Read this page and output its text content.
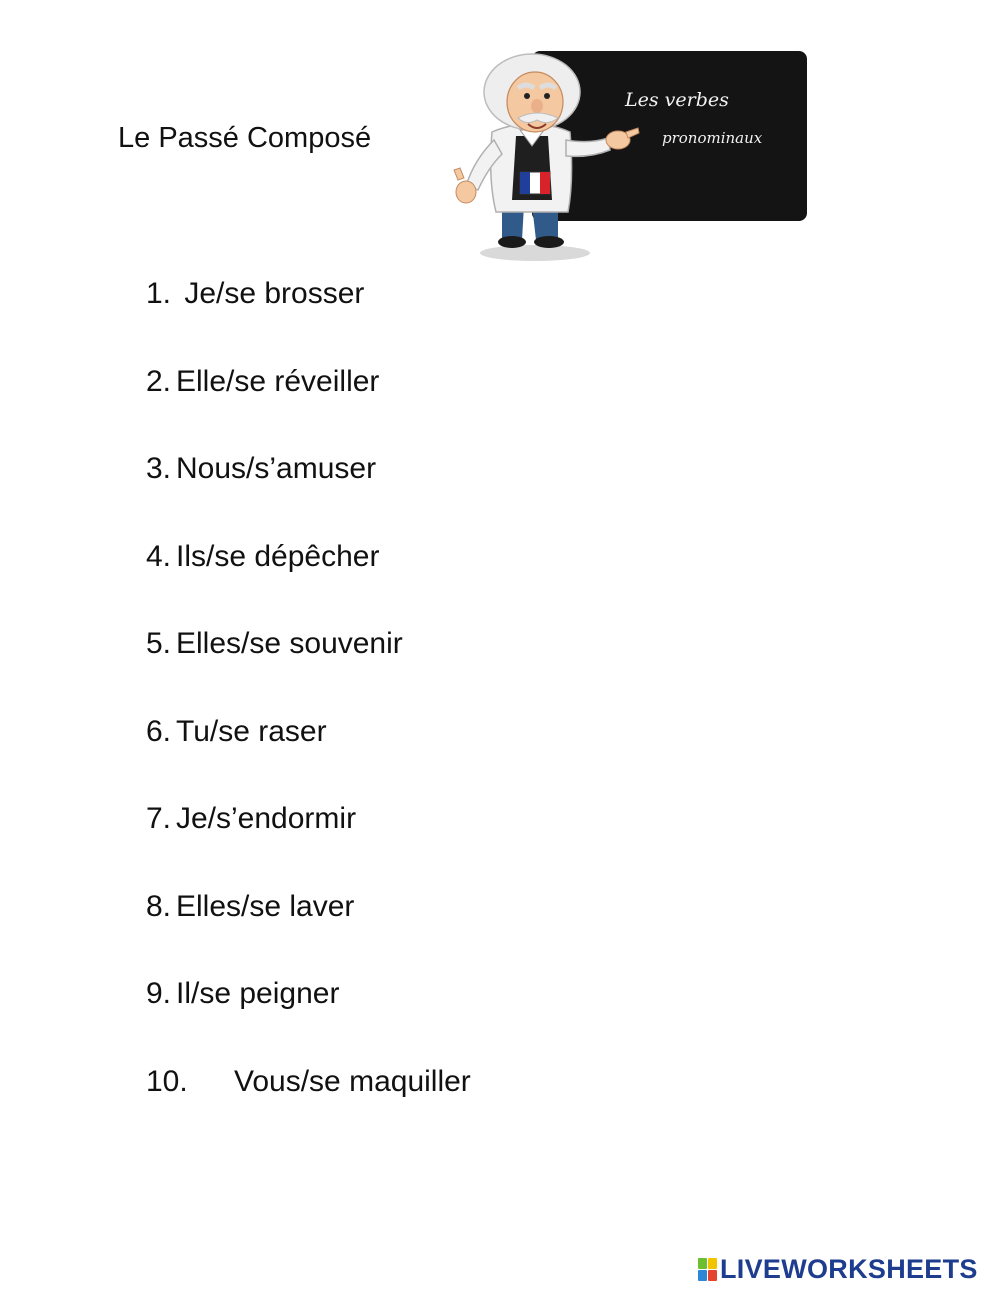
Le Passé Composé
Les verbes
pronominaux
1. Je/se brosser
2. Elle/se réveiller
3. Nous/s’amuser
4. Ils/se dépêcher
5. Elles/se souvenir
6. Tu/se raser
7. Je/s’endormir
8. Elles/se laver
9. Il/se peigner
10. Vous/se maquiller
LIVEWORKSHEETS
